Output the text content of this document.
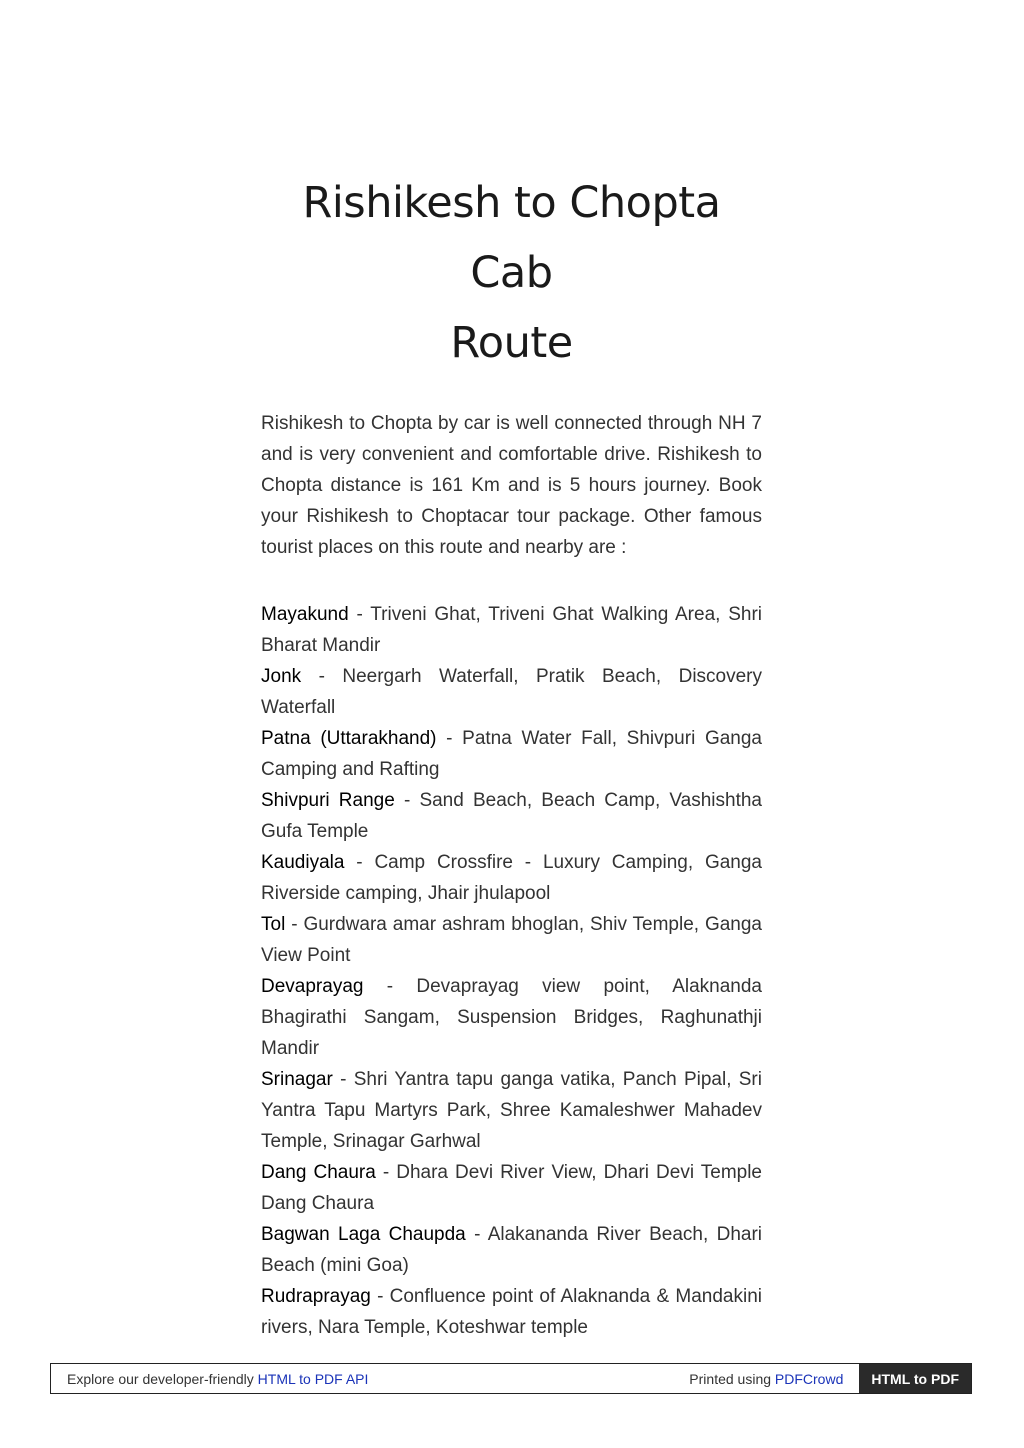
Rishikesh to Chopta Cab
Route

Rishikesh to Chopta by car is well connected through NH 7 and is very convenient and comfortable drive. Rishikesh to Chopta distance is 161 Km and is 5 hours journey. Book your Rishikesh to Choptacar tour package. Other famous tourist places on this route and nearby are :

Mayakund - Triveni Ghat, Triveni Ghat Walking Area, Shri Bharat Mandir

Jonk - Neergarh Waterfall, Pratik Beach, Discovery Waterfall

Patna (Uttarakhand) - Patna Water Fall, Shivpuri Ganga Camping and Rafting

Shivpuri Range - Sand Beach, Beach Camp, Vashishtha Gufa Temple

Kaudiyala - Camp Crossfire - Luxury Camping, Ganga Riverside camping, Jhair jhulapool

Tol - Gurdwara amar ashram bhoglan, Shiv Temple, Ganga View Point

Devaprayag - Devaprayag view point, Alaknanda Bhagirathi Sangam, Suspension Bridges, Raghunathji Mandir

Srinagar - Shri Yantra tapu ganga vatika, Panch Pipal, Sri Yantra Tapu Martyrs Park, Shree Kamaleshwer Mahadev Temple, Srinagar Garhwal

Dang Chaura - Dhara Devi River View, Dhari Devi Temple Dang Chaura

Bagwan Laga Chaupda - Alakananda River Beach, Dhari Beach (mini Goa)

Rudraprayag - Confluence point of Alaknanda & Mandakini rivers, Nara Temple, Koteshwar temple

Explore our developer-friendly HTML to PDF API	Printed using PDFCrowd	HTML to PDF
